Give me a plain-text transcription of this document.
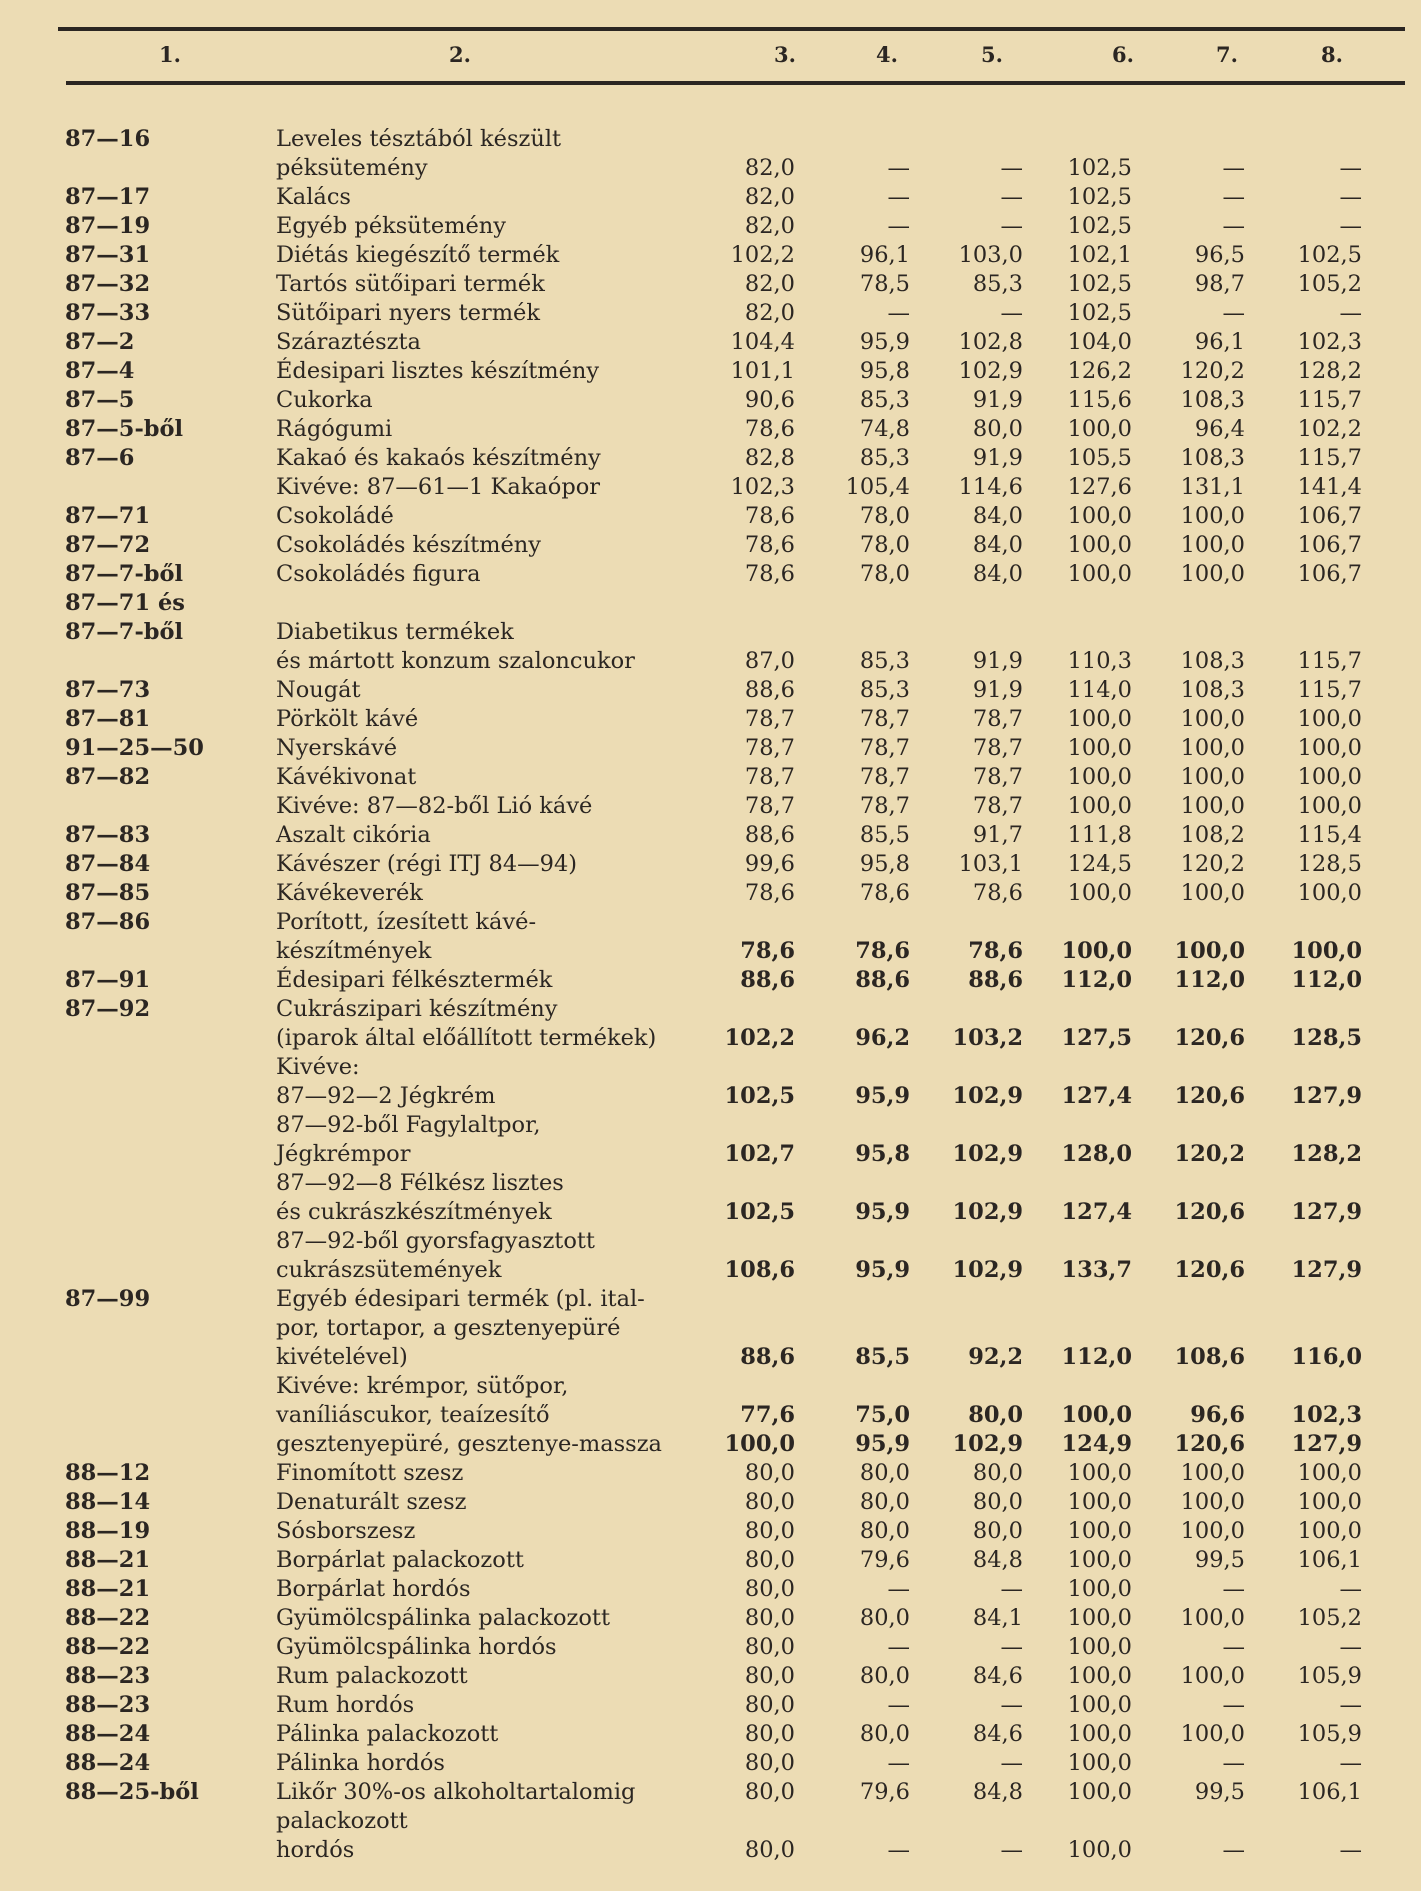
1.	2.	3.	4.	5.	6.	7.	8.
87—16	Leveles tésztából készült
péksütemény	82,0	—	—	102,5	—	—
87—17	Kalács	82,0	—	—	102,5	—	—
87—19	Egyéb péksütemény	82,0	—	—	102,5	—	—
87—31	Diétás kiegészítő termék	102,2	96,1	103,0	102,1	96,5	102,5
87—32	Tartós sütőipari termék	82,0	78,5	85,3	102,5	98,7	105,2
87—33	Sütőipari nyers termék	82,0	—	—	102,5	—	—
87—2	Száraztészta	104,4	95,9	102,8	104,0	96,1	102,3
87—4	Édesipari lisztes készítmény	101,1	95,8	102,9	126,2	120,2	128,2
87—5	Cukorka	90,6	85,3	91,9	115,6	108,3	115,7
87—5-ből	Rágógumi	78,6	74,8	80,0	100,0	96,4	102,2
87—6	Kakaó és kakaós készítmény	82,8	85,3	91,9	105,5	108,3	115,7
Kivéve: 87—61—1 Kakaópor	102,3	105,4	114,6	127,6	131,1	141,4
87—71	Csokoládé	78,6	78,0	84,0	100,0	100,0	106,7
87—72	Csokoládés készítmény	78,6	78,0	84,0	100,0	100,0	106,7
87—7-ből	Csokoládés figura	78,6	78,0	84,0	100,0	100,0	106,7
87—71 és
87—7-ből	Diabetikus termékek
és mártott konzum szaloncukor	87,0	85,3	91,9	110,3	108,3	115,7
87—73	Nougát	88,6	85,3	91,9	114,0	108,3	115,7
87—81	Pörkölt kávé	78,7	78,7	78,7	100,0	100,0	100,0
91—25—50	Nyerskávé	78,7	78,7	78,7	100,0	100,0	100,0
87—82	Kávékivonat	78,7	78,7	78,7	100,0	100,0	100,0
Kivéve: 87—82-ből Lió kávé	78,7	78,7	78,7	100,0	100,0	100,0
87—83	Aszalt cikória	88,6	85,5	91,7	111,8	108,2	115,4
87—84	Kávészer (régi ITJ 84—94)	99,6	95,8	103,1	124,5	120,2	128,5
87—85	Kávékeverék	78,6	78,6	78,6	100,0	100,0	100,0
87—86	Porított, ízesített kávé-
készítmények	78,6	78,6	78,6	100,0	100,0	100,0
87—91	Édesipari félkésztermék	88,6	88,6	88,6	112,0	112,0	112,0
87—92	Cukrászipari készítmény
(iparok által előállított termékek)	102,2	96,2	103,2	127,5	120,6	128,5
Kivéve:
87—92—2 Jégkrém	102,5	95,9	102,9	127,4	120,6	127,9
87—92-ből Fagylaltpor,
Jégkrémpor	102,7	95,8	102,9	128,0	120,2	128,2
87—92—8 Félkész lisztes
és cukrászkészítmények	102,5	95,9	102,9	127,4	120,6	127,9
87—92-ből gyorsfagyasztott
cukrászsütemények	108,6	95,9	102,9	133,7	120,6	127,9
87—99	Egyéb édesipari termék (pl. ital-
por, tortapor, a gesztenyepüré
kivételével)	88,6	85,5	92,2	112,0	108,6	116,0
Kivéve: krémpor, sütőpor,
vaníliáscukor, teaízesítő	77,6	75,0	80,0	100,0	96,6	102,3
gesztenyepüré, gesztenye-massza	100,0	95,9	102,9	124,9	120,6	127,9
88—12	Finomított szesz	80,0	80,0	80,0	100,0	100,0	100,0
88—14	Denaturált szesz	80,0	80,0	80,0	100,0	100,0	100,0
88—19	Sósborszesz	80,0	80,0	80,0	100,0	100,0	100,0
88—21	Borpárlat palackozott	80,0	79,6	84,8	100,0	99,5	106,1
88—21	Borpárlat hordós	80,0	—	—	100,0	—	—
88—22	Gyümölcspálinka palackozott	80,0	80,0	84,1	100,0	100,0	105,2
88—22	Gyümölcspálinka hordós	80,0	—	—	100,0	—	—
88—23	Rum palackozott	80,0	80,0	84,6	100,0	100,0	105,9
88—23	Rum hordós	80,0	—	—	100,0	—	—
88—24	Pálinka palackozott	80,0	80,0	84,6	100,0	100,0	105,9
88—24	Pálinka hordós	80,0	—	—	100,0	—	—
88—25-ből	Likőr 30%-os alkoholtartalomig	80,0	79,6	84,8	100,0	99,5	106,1
palackozott
hordós	80,0	—	—	100,0	—	—
